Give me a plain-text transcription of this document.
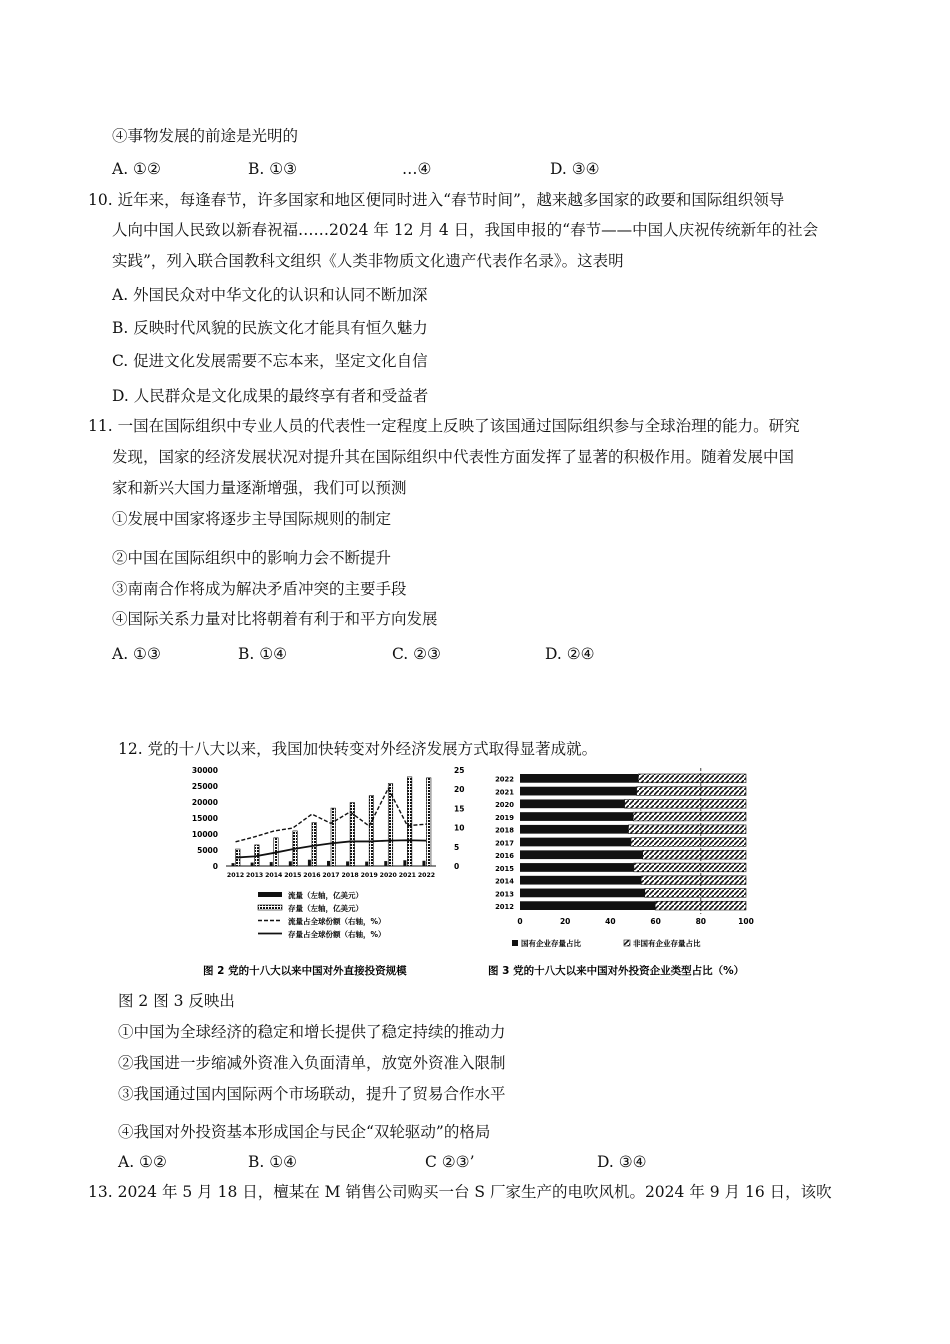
④事物发展的前途是光明的
A. ①②	B. ①③	…④	D. ③④
10. 近年来，每逢春节，许多国家和地区便同时进入“春节时间”，越来越多国家的政要和国际组织领导
人向中国人民致以新春祝福……2024 年 12 月 4 日，我国申报的“春节——中国人庆祝传统新年的社会
实践”，列入联合国教科文组织《人类非物质文化遗产代表作名录》。这表明
A. 外国民众对中华文化的认识和认同不断加深
B. 反映时代风貌的民族文化才能具有恒久魅力
C. 促进文化发展需要不忘本来，坚定文化自信
D. 人民群众是文化成果的最终享有者和受益者
11. 一国在国际组织中专业人员的代表性一定程度上反映了该国通过国际组织参与全球治理的能力。研究
发现，国家的经济发展状况对提升其在国际组织中代表性方面发挥了显著的积极作用。随着发展中国
家和新兴大国力量逐渐增强，我们可以预测
①发展中国家将逐步主导国际规则的制定
②中国在国际组织中的影响力会不断提升
③南南合作将成为解决矛盾冲突的主要手段
④国际关系力量对比将朝着有利于和平方向发展
A. ①③	B. ①④	C. ②③	D. ②④
12. 党的十八大以来，我国加快转变对外经济发展方式取得显著成就。
30000
25000
20000
15000
10000
5000
0
25
20
15
10
5
0
2012 2013 2014 2015 2016 2017 2018 2019 2020 2021 2022
流量（左轴，亿美元）
存量（左轴，亿美元）
流量占全球份额（右轴，%）
存量占全球份额（右轴，%）
图 2 党的十八大以来中国对外直接投资规模
2022
2021
2020
2019
2018
2017
2016
2015
2014
2013
2012
0	20	40	60	80	100
国有企业存量占比	非国有企业存量占比
图 3 党的十八大以来中国对外投资企业类型占比（%）
图 2 图 3 反映出
①中国为全球经济的稳定和增长提供了稳定持续的推动力
②我国进一步缩减外资准入负面清单，放宽外资准入限制
③我国通过国内国际两个市场联动，提升了贸易合作水平
④我国对外投资基本形成国企与民企“双轮驱动”的格局
A. ①②	B. ①④	C ②③’	D. ③④
13. 2024 年 5 月 18 日，檀某在 M 销售公司购买一台 S 厂家生产的电吹风机。2024 年 9 月 16 日，该吹
